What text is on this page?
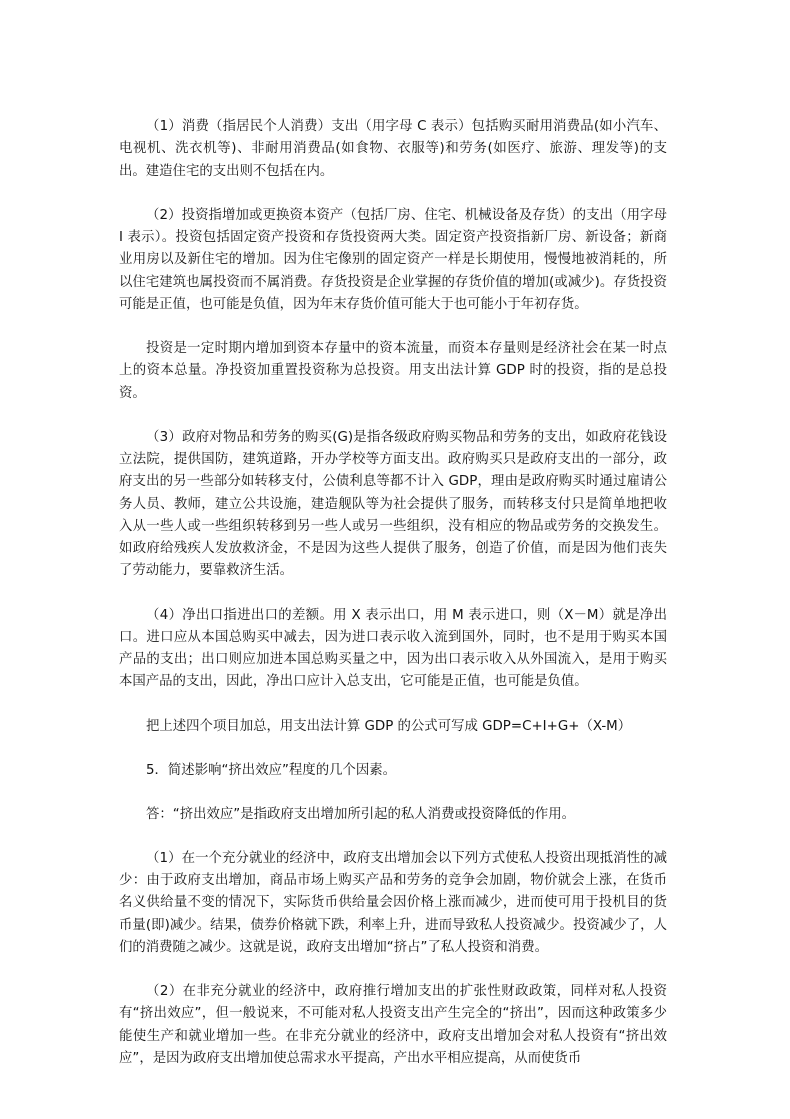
（1）消费（指居民个人消费）支出（用字母 C 表示）包括购买耐用消费品(如小汽车、电视机、洗衣机等)、非耐用消费品(如食物、衣服等)和劳务(如医疗、旅游、理发等)的支出。建造住宅的支出则不包括在内。

（2）投资指增加或更换资本资产（包括厂房、住宅、机械设备及存货）的支出（用字母 I 表示）。投资包括固定资产投资和存货投资两大类。固定资产投资指新厂房、新设备；新商业用房以及新住宅的增加。因为住宅像别的固定资产一样是长期使用，慢慢地被消耗的，所以住宅建筑也属投资而不属消费。存货投资是企业掌握的存货价值的增加(或减少)。存货投资可能是正值，也可能是负值，因为年末存货价值可能大于也可能小于年初存货。

投资是一定时期内增加到资本存量中的资本流量，而资本存量则是经济社会在某一时点上的资本总量。净投资加重置投资称为总投资。用支出法计算 GDP 时的投资，指的是总投资。

（3）政府对物品和劳务的购买(G)是指各级政府购买物品和劳务的支出，如政府花钱设立法院，提供国防，建筑道路，开办学校等方面支出。政府购买只是政府支出的一部分，政府支出的另一些部分如转移支付，公债利息等都不计入 GDP，理由是政府购买时通过雇请公务人员、教师，建立公共设施，建造舰队等为社会提供了服务，而转移支付只是简单地把收入从一些人或一些组织转移到另一些人或另一些组织，没有相应的物品或劳务的交换发生。如政府给残疾人发放救济金，不是因为这些人提供了服务，创造了价值，而是因为他们丧失了劳动能力，要靠救济生活。

（4）净出口指进出口的差额。用 X 表示出口，用 M 表示进口，则（X－M）就是净出口。进口应从本国总购买中减去，因为进口表示收入流到国外，同时，也不是用于购买本国产品的支出；出口则应加进本国总购买量之中，因为出口表示收入从外国流入，是用于购买本国产品的支出，因此，净出口应计入总支出，它可能是正值，也可能是负值。

把上述四个项目加总，用支出法计算 GDP 的公式可写成 GDP=C+I+G+（X-M）

5．简述影响“挤出效应”程度的几个因素。

答：“挤出效应”是指政府支出增加所引起的私人消费或投资降低的作用。

（1）在一个充分就业的经济中，政府支出增加会以下列方式使私人投资出现抵消性的减少：由于政府支出增加，商品市场上购买产品和劳务的竞争会加剧，物价就会上涨，在货币名义供给量不变的情况下，实际货币供给量会因价格上涨而减少，进而使可用于投机目的货币量(即)减少。结果，债券价格就下跌，利率上升，进而导致私人投资减少。投资减少了，人们的消费随之减少。这就是说，政府支出增加“挤占”了私人投资和消费。

（2）在非充分就业的经济中，政府推行增加支出的扩张性财政政策，同样对私人投资有“挤出效应”，但一般说来，不可能对私人投资支出产生完全的“挤出”，因而这种政策多少能使生产和就业增加一些。在非充分就业的经济中，政府支出增加会对私人投资有“挤出效应”，是因为政府支出增加使总需求水平提高，产出水平相应提高，从而使货币
